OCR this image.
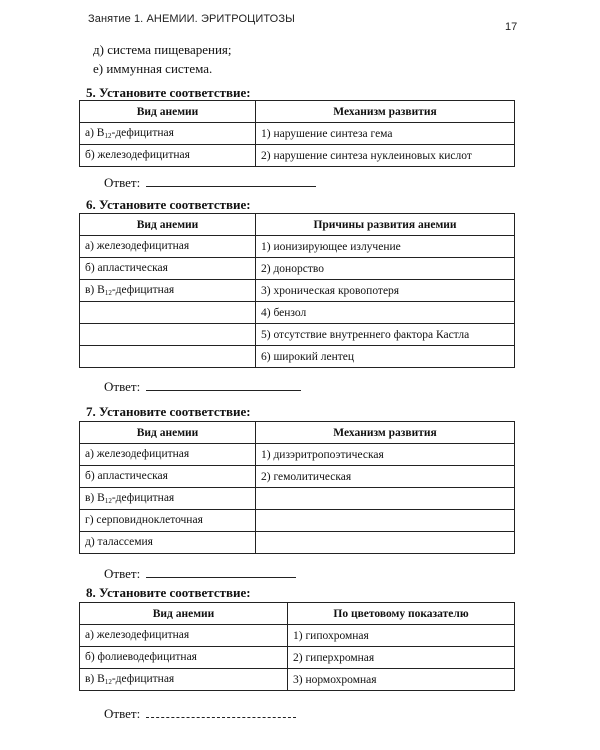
Занятие 1. АНЕМИИ. ЭРИТРОЦИТОЗЫ
17
д) система пищеварения;
е) иммунная система.
5. Установите соответствие:
Вид анемии	Механизм развития
а) $B_{12}$-дефицитная	1) нарушение синтеза гема
б) железодефицитная	2) нарушение синтеза нуклеиновых кислот
Ответ:
6. Установите соответствие:
Вид анемии	Причины развития анемии
а) железодефицитная	1) ионизирующее излучение
б) апластическая	2) донорство
в) $B_{12}$-дефицитная	3) хроническая кровопотеря
	4) бензол
	5) отсутствие внутреннего фактора Кастла
	6) широкий лентец
Ответ:
7. Установите соответствие:
Вид анемии	Механизм развития
а) железодефицитная	1) дизэритропоэтическая
б) апластическая	2) гемолитическая
в) $B_{12}$-дефицитная	
г) серповидноклеточная	
д) талассемия	
Ответ:
8. Установите соответствие:
Вид анемии	По цветовому показателю
а) железодефицитная	1) гипохромная
б) фолиеводефицитная	2) гиперхромная
в) $B_{12}$-дефицитная	3) нормохромная
Ответ:
